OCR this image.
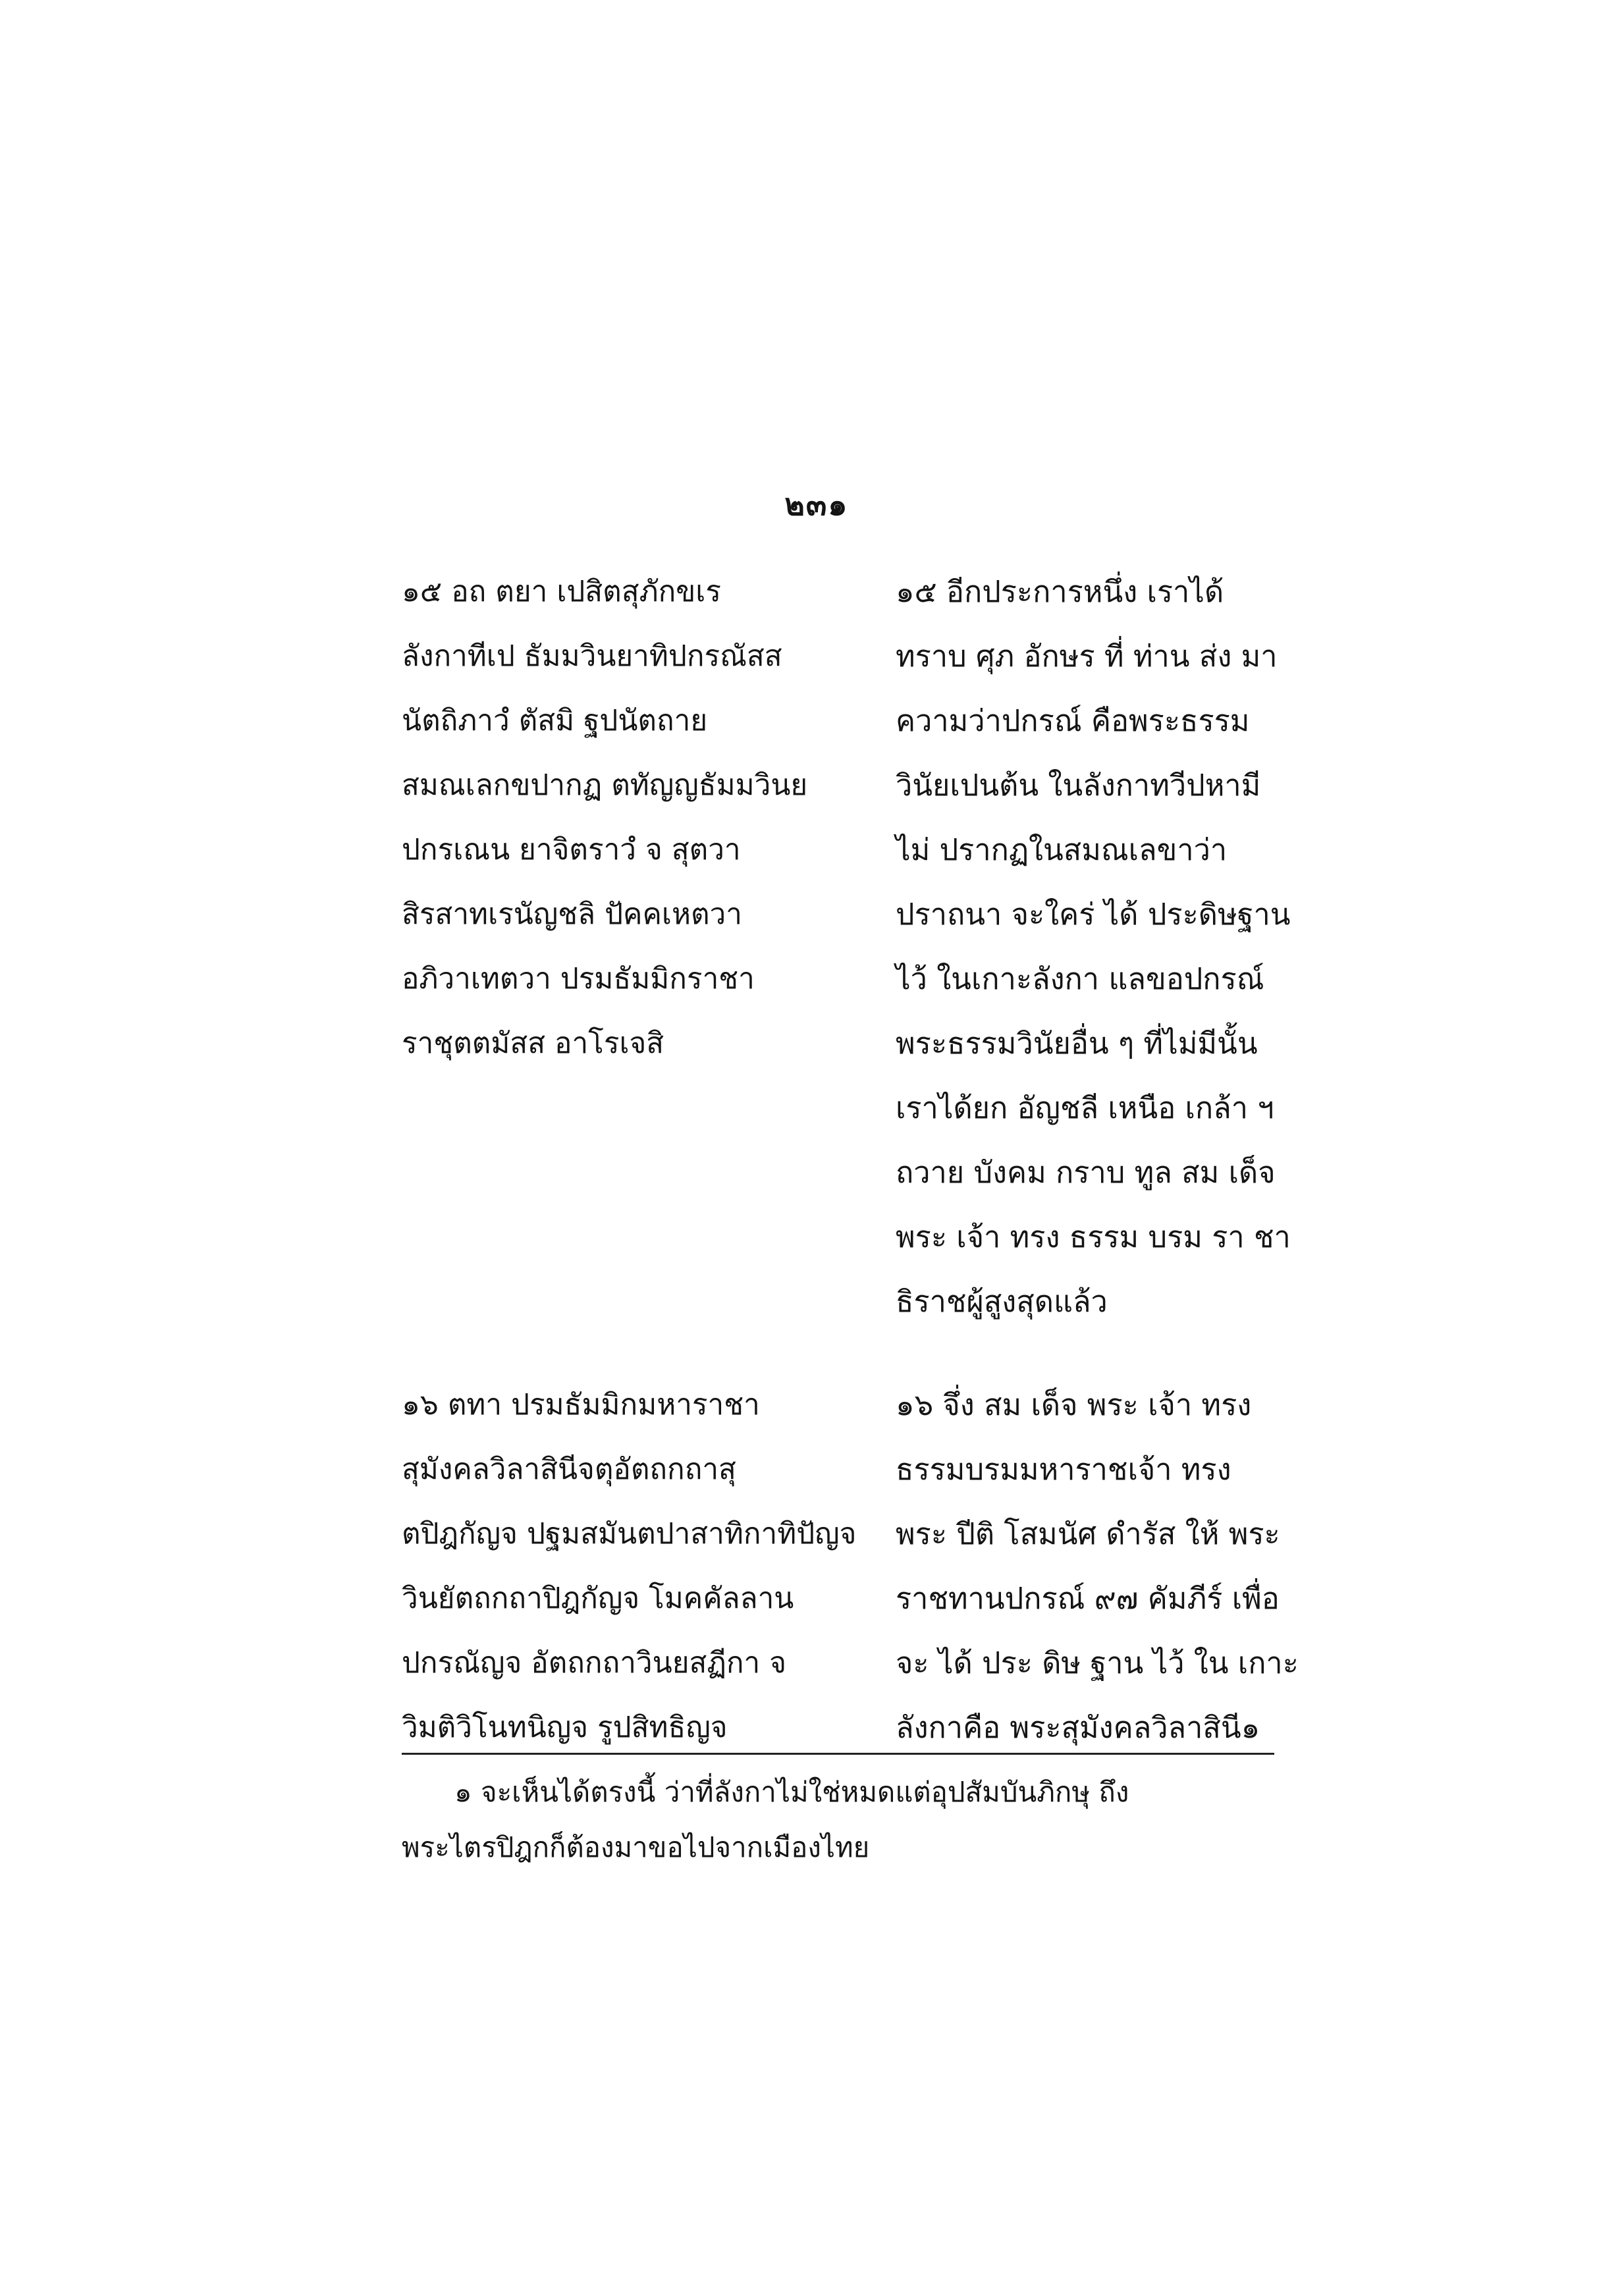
๒๓๑
๑๕ อถ ตยา เปสิตสุภักขเร
ลังกาทีเป ธัมมวินยาทิปกรณัสส
นัตถิภาวํ ตัสมิ ฐปนัตถาย
สมณเลกขปากฏ ตทัญญธัมมวินย
ปกรเณน ยาจิตราวํ จ สุตวา
สิรสาทเรนัญชลิ ปัคคเหตวา
อภิวาเทตวา ปรมธัมมิกราชา
ราชุตตมัสส อาโรเจสิ
๑๕ อีกประการหนึ่ง เราได้
ทราบ ศุภ อักษร ที่ ท่าน ส่ง มา
ความว่าปกรณ์ คือพระธรรม
วินัยเปนต้น ในลังกาทวีปหามี
ไม่ ปรากฏในสมณเลขาว่า
ปราถนา จะใคร่ ได้ ประดิษฐาน
ไว้ ในเกาะลังกา แลขอปกรณ์
พระธรรมวินัยอื่น ๆ ที่ไม่มีนั้น
เราได้ยก อัญชลี เหนือ เกล้า ฯ
ถวาย บังคม กราบ ทูล สม เด็จ
พระ เจ้า ทรง ธรรม บรม รา ชา
ธิราชผู้สูงสุดแล้ว
๑๖ ตทา ปรมธัมมิกมหาราชา
สุมังคลวิลาสินีจตุอัตถกถาสุ
ตปิฎกัญจ ปฐมสมันตปาสาทิกาทิปัญจ
วินยัตถกถาปิฎกัญจ โมคคัลลาน
ปกรณัญจ อัตถกถาวินยสฏีกา จ
วิมติวิโนทนิญจ รูปสิทธิญจ
๑๖ จึ่ง สม เด็จ พระ เจ้า ทรง
ธรรมบรมมหาราชเจ้า ทรง
พระ ปีติ โสมนัศ ดำรัส ให้ พระ
ราชทานปกรณ์ ๙๗ คัมภีร์ เพื่อ
จะ ได้ ประ ดิษ ฐาน ไว้ ใน เกาะ
ลังกาคือ พระสุมังคลวิลาสินี๑
๑ จะเห็นได้ตรงนี้ ว่าที่ลังกาไม่ใช่หมดแต่อุปสัมบันภิกษุ ถึง
พระไตรปิฎกก็ต้องมาขอไปจากเมืองไทย
